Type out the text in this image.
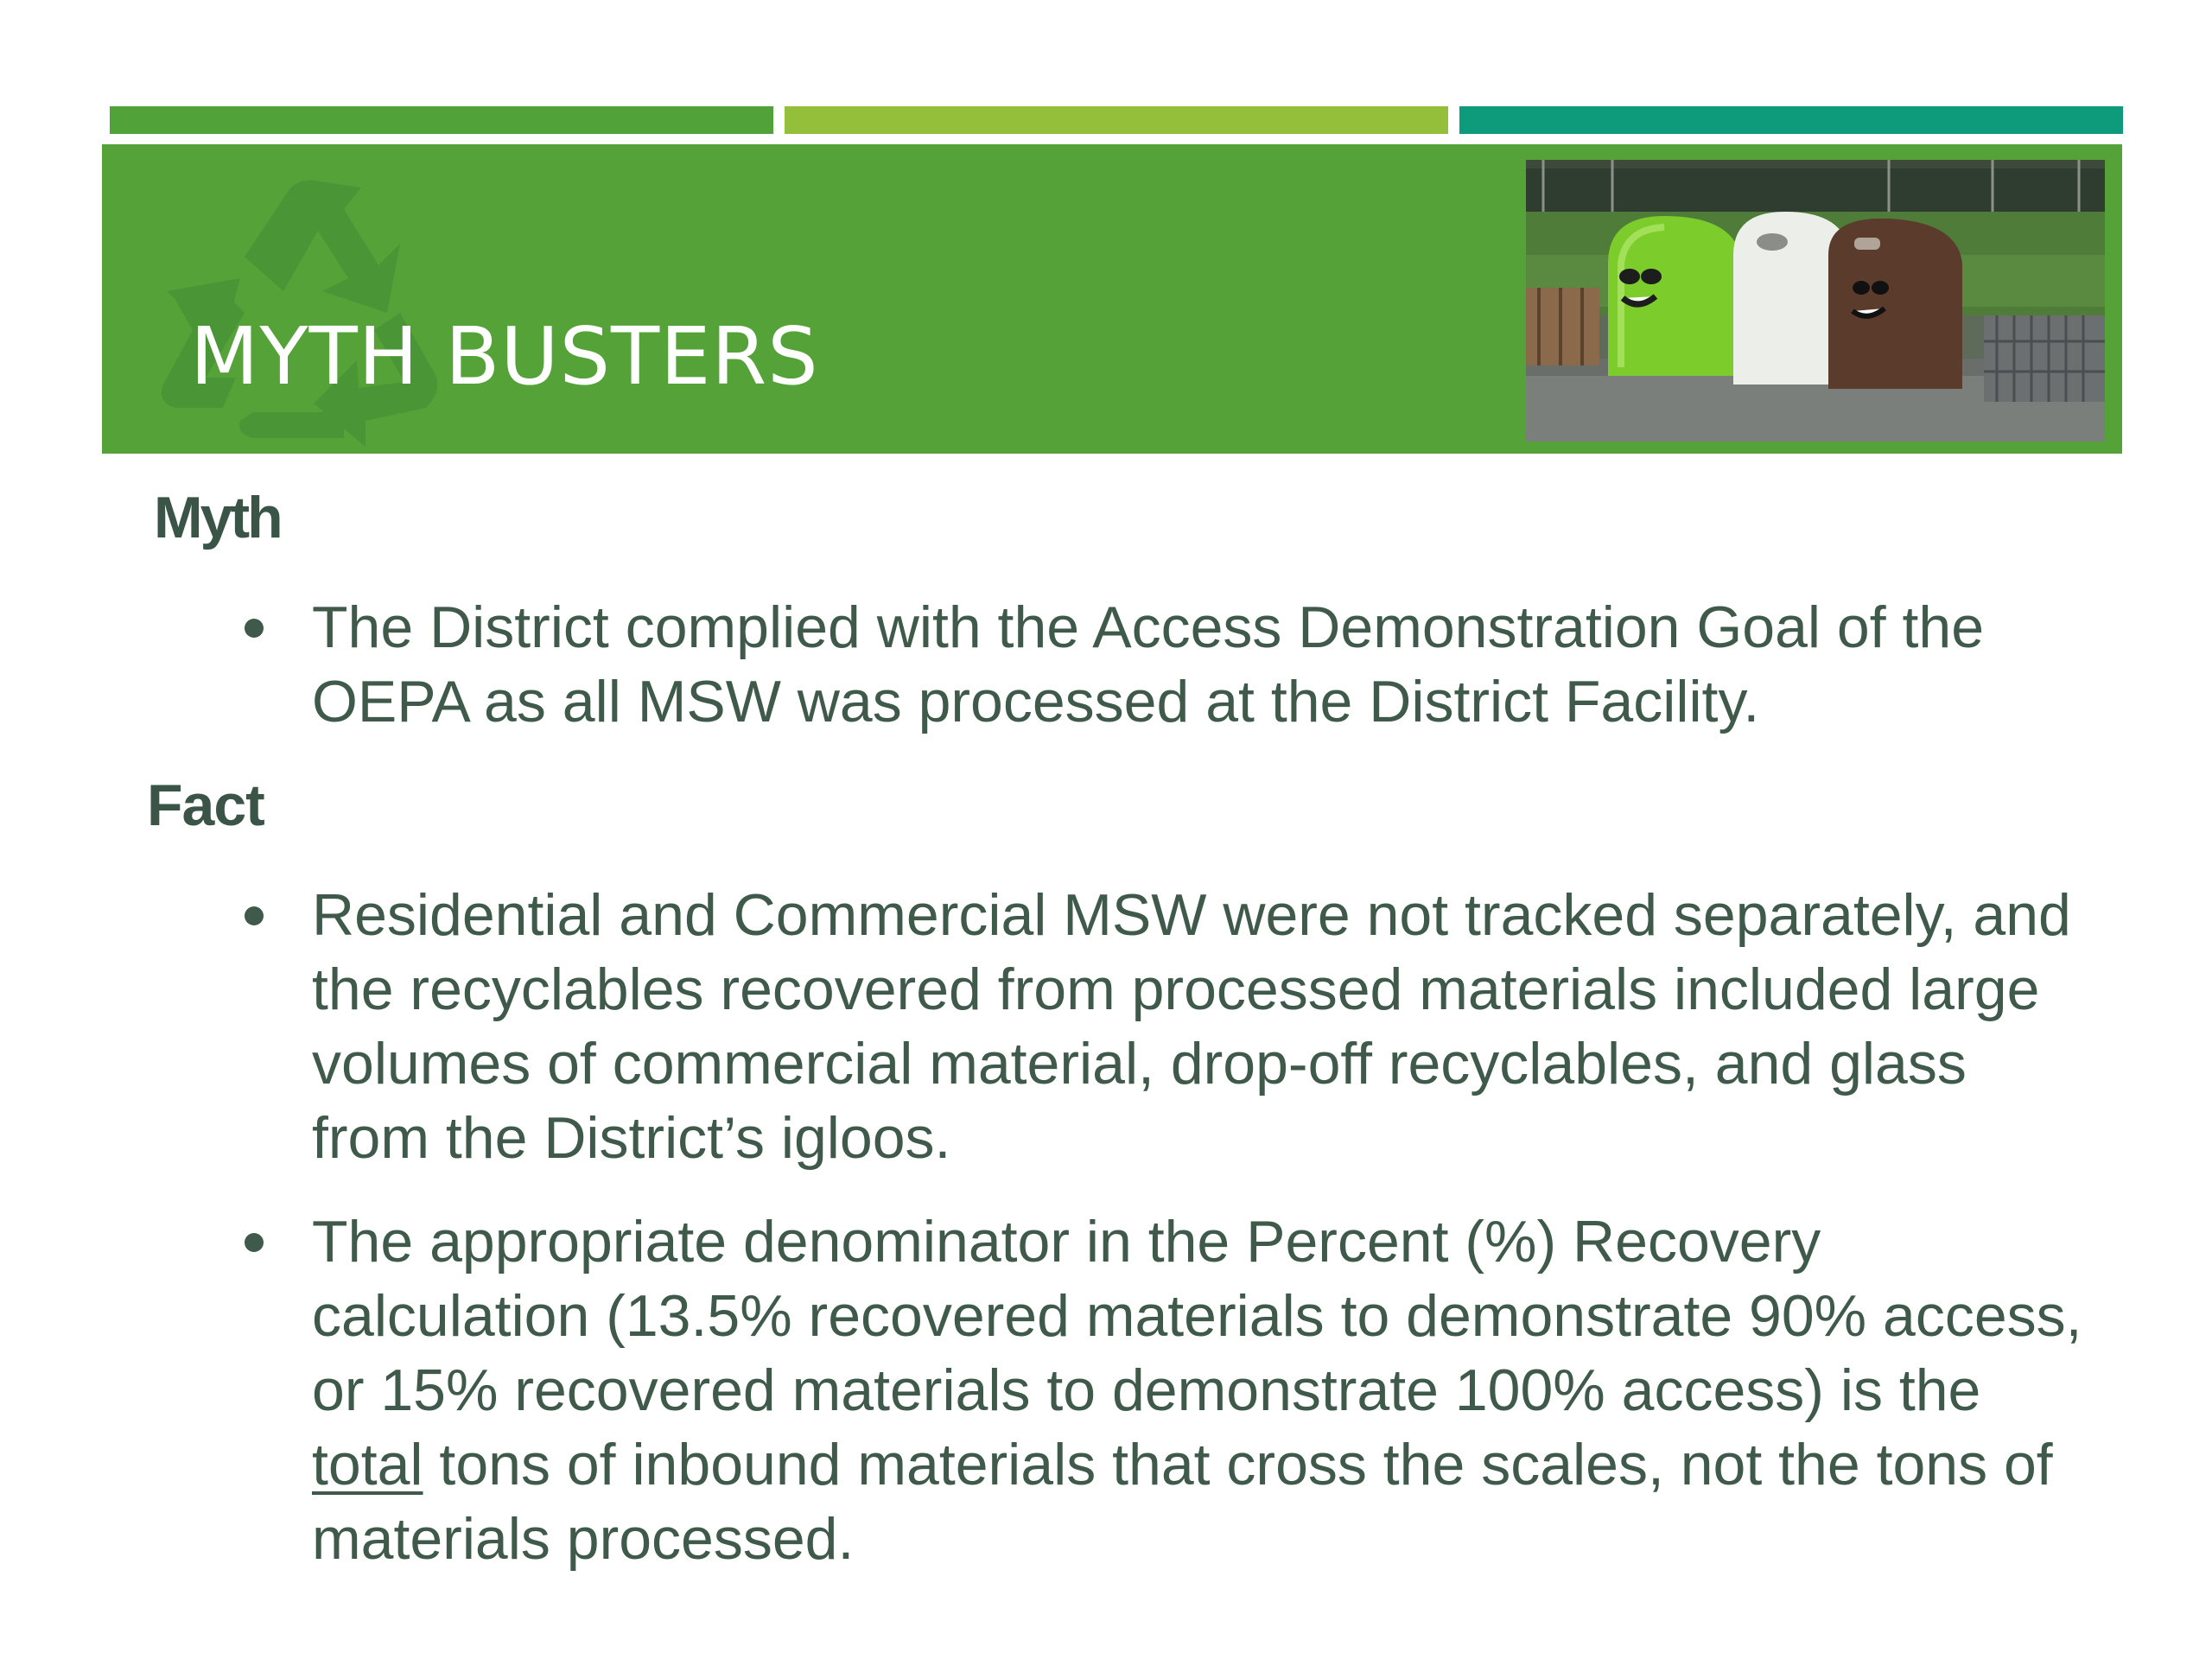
MYTH BUSTERS
Myth
The District complied with the Access Demonstration Goal of the OEPA as all MSW was processed at the District Facility.
Fact
Residential and Commercial MSW were not tracked separately, and the recyclables recovered from processed materials included large volumes of commercial material, drop-off recyclables, and glass from the District’s igloos.
The appropriate denominator in the Percent (%) Recovery calculation (13.5% recovered materials to demonstrate 90% access, or 15% recovered materials to demonstrate 100% access) is the total tons of inbound materials that cross the scales, not the tons of materials processed.
